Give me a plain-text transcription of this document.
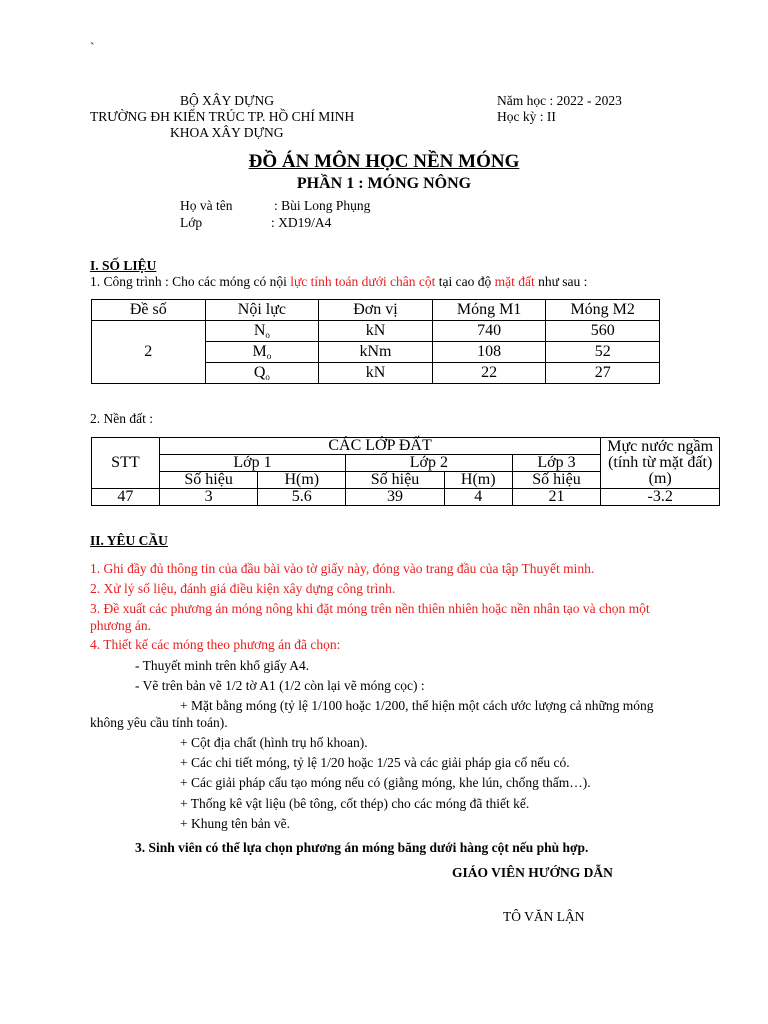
`
BỘ XÂY DỰNG
TRƯỜNG ĐH KIẾN TRÚC TP. HỒ CHÍ MINH
KHOA XÂY DỰNG
Năm học : 2022 - 2023
Học kỳ : II
ĐỒ ÁN MÔN HỌC NỀN MÓNG
PHẦN 1 : MÓNG NÔNG
Họ và tên	: Bùi Long Phụng
Lớp	: XD19/A4
I. SỐ LIỆU
1. Công trình : Cho các móng có nội lực tính toán dưới chân cột tại cao độ mặt đất như sau :
Đề số	Nội lực	Đơn vị	Móng M1	Móng M2
2	$N_o$	kN	740	560
	$M_o$	kNm	108	52
	$Q_o$	kN	22	27
2. Nền đất :
STT	CÁC LỚP ĐẤT					Mực nước ngầm (tính từ mặt đất) (m)
	Lớp 1		Lớp 2		Lớp 3	
	Số hiệu	H(m)	Số hiệu	H(m)	Số hiệu	
47	3	5.6	39	4	21	-3.2
II. YÊU CẦU
1. Ghi đầy đủ thông tin của đầu bài vào tờ giấy này, đóng vào trang đầu của tập Thuyết minh.
2. Xử lý số liệu, đánh giá điều kiện xây dựng công trình.
3. Đề xuất các phương án móng nông khi đặt móng trên nền thiên nhiên hoặc nền nhân tạo và chọn một
phương án.
4. Thiết kế các móng theo phương án đã chọn:
- Thuyết minh trên khổ giấy A4.
- Vẽ trên bản vẽ 1/2 tờ A1 (1/2 còn lại vẽ móng cọc) :
+ Mặt bằng móng (tỷ lệ 1/100 hoặc 1/200, thể hiện một cách ước lượng cả những móng
không yêu cầu tính toán).
+ Cột địa chất (hình trụ hố khoan).
+ Các chi tiết móng, tỷ lệ 1/20 hoặc 1/25 và các giải pháp gia cố nếu có.
+ Các giải pháp cấu tạo móng nếu có (giằng móng, khe lún, chống thấm…).
+ Thống kê vật liệu (bê tông, cốt thép) cho các móng đã thiết kế.
+ Khung tên bản vẽ.
3. Sinh viên có thể lựa chọn phương án móng băng dưới hàng cột nếu phù hợp.
GIÁO VIÊN HƯỚNG DẪN
TÔ VĂN LẬN
